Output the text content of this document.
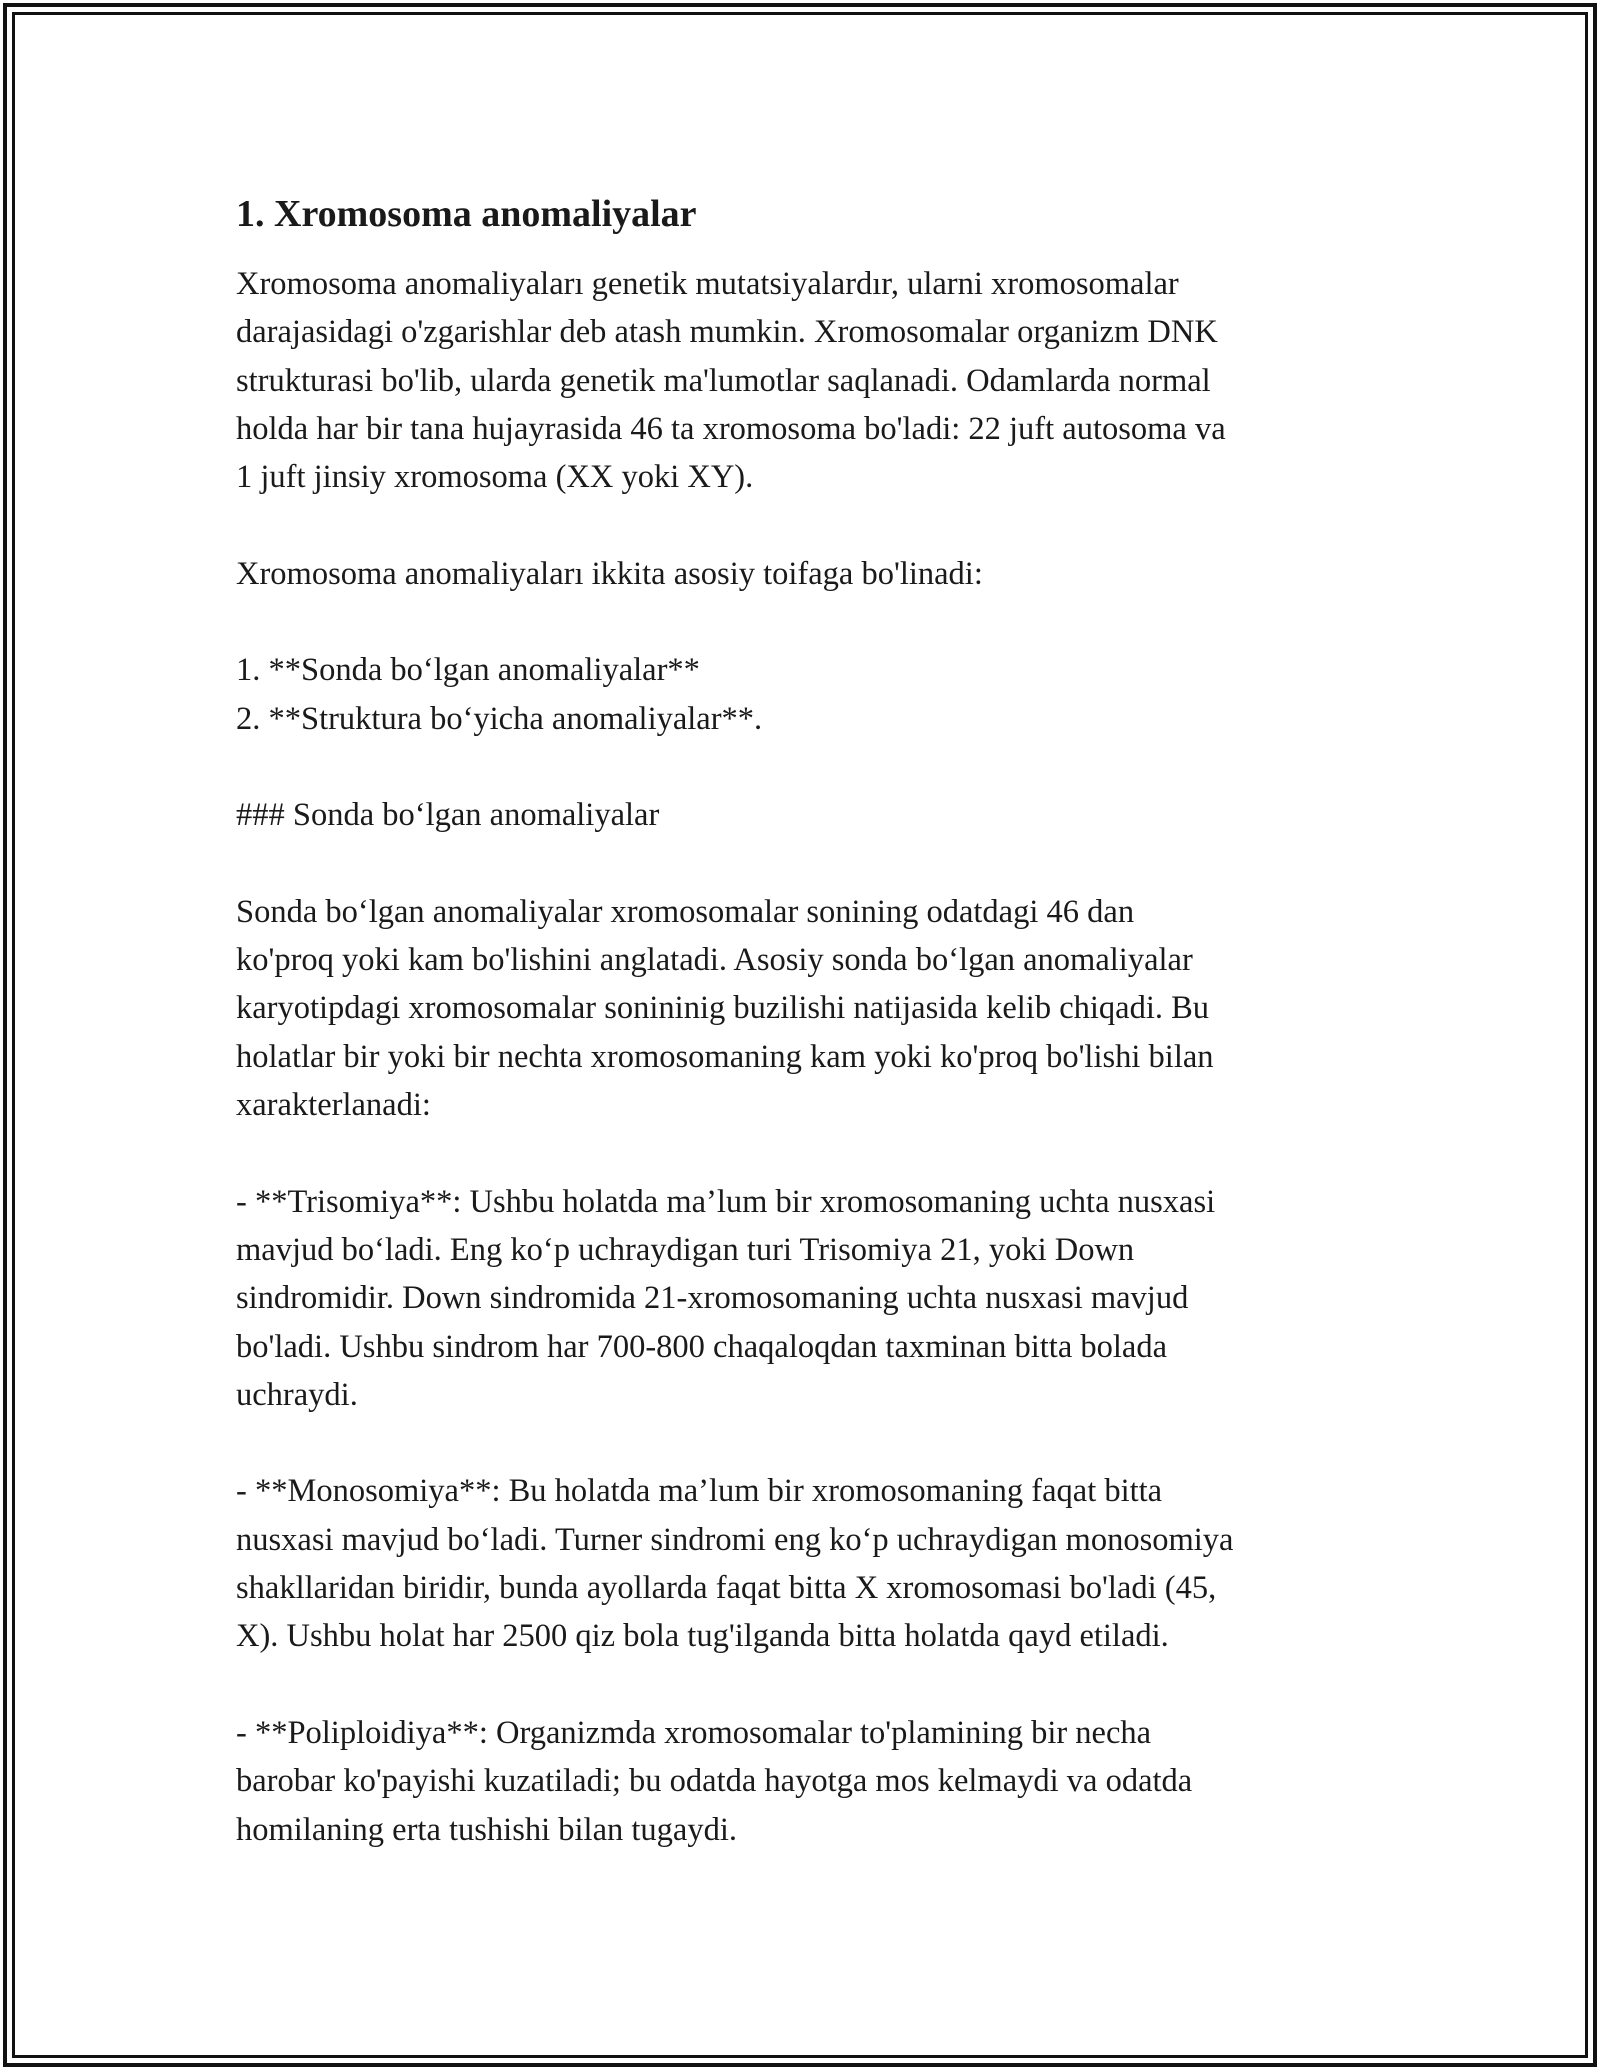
1. Xromosoma anomaliyalar

Xromosoma anomaliyaları genetik mutatsiyalardır, ularni xromosomalar
darajasidagi o'zgarishlar deb atash mumkin. Xromosomalar organizm DNK
strukturasi bo'lib, ularda genetik ma'lumotlar saqlanadi. Odamlarda normal
holda har bir tana hujayrasida 46 ta xromosoma bo'ladi: 22 juft autosoma va
1 juft jinsiy xromosoma (XX yoki XY).

Xromosoma anomaliyaları ikkita asosiy toifaga bo'linadi:

1. **Sonda bo‘lgan anomaliyalar**
2. **Struktura bo‘yicha anomaliyalar**.

### Sonda bo‘lgan anomaliyalar

Sonda bo‘lgan anomaliyalar xromosomalar sonining odatdagi 46 dan
ko'proq yoki kam bo'lishini anglatadi. Asosiy sonda bo‘lgan anomaliyalar
karyotipdagi xromosomalar sonininig buzilishi natijasida kelib chiqadi. Bu
holatlar bir yoki bir nechta xromosomaning kam yoki ko'proq bo'lishi bilan
xarakterlanadi:

- **Trisomiya**: Ushbu holatda ma’lum bir xromosomaning uchta nusxasi
mavjud bo‘ladi. Eng ko‘p uchraydigan turi Trisomiya 21, yoki Down
sindromidir. Down sindromida 21-xromosomaning uchta nusxasi mavjud
bo'ladi. Ushbu sindrom har 700-800 chaqaloqdan taxminan bitta bolada
uchraydi.

- **Monosomiya**: Bu holatda ma’lum bir xromosomaning faqat bitta
nusxasi mavjud bo‘ladi. Turner sindromi eng ko‘p uchraydigan monosomiya
shakllaridan biridir, bunda ayollarda faqat bitta X xromosomasi bo'ladi (45,
X). Ushbu holat har 2500 qiz bola tug'ilganda bitta holatda qayd etiladi.

- **Poliploidiya**: Organizmda xromosomalar to'plamining bir necha
barobar ko'payishi kuzatiladi; bu odatda hayotga mos kelmaydi va odatda
homilaning erta tushishi bilan tugaydi.
